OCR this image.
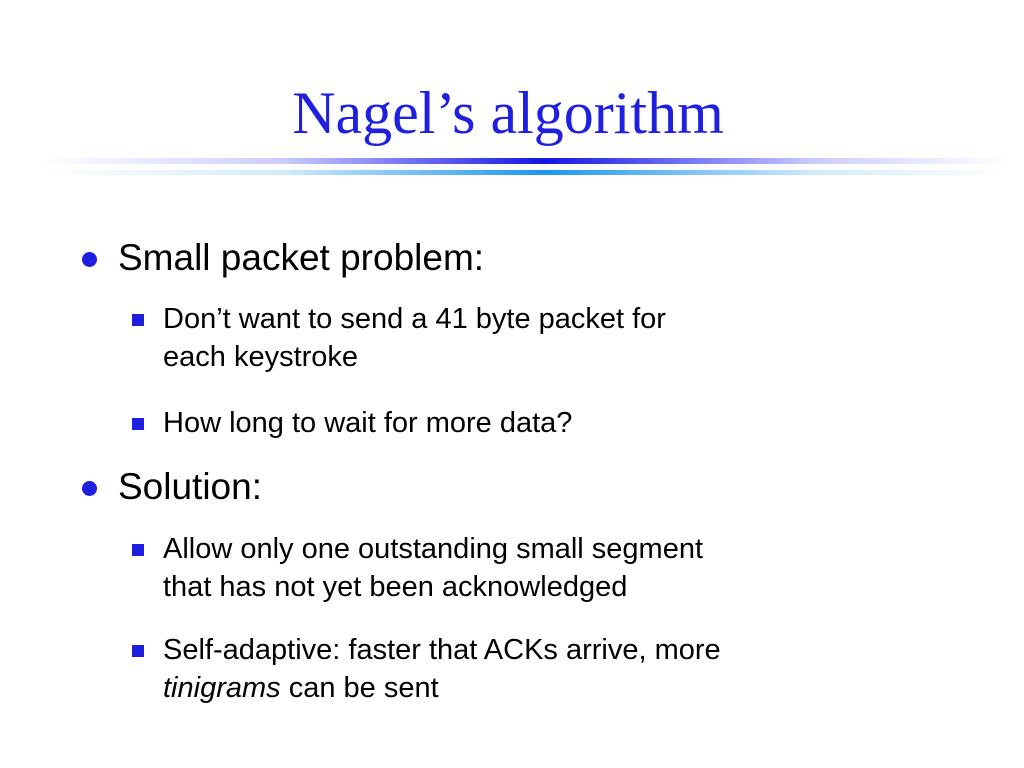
Nagel’s algorithm
Small packet problem:
Don’t want to send a 41 byte packet for
each keystroke
How long to wait for more data?
Solution:
Allow only one outstanding small segment
that has not yet been acknowledged
Self-adaptive: faster that ACKs arrive, more
tinigrams can be sent
